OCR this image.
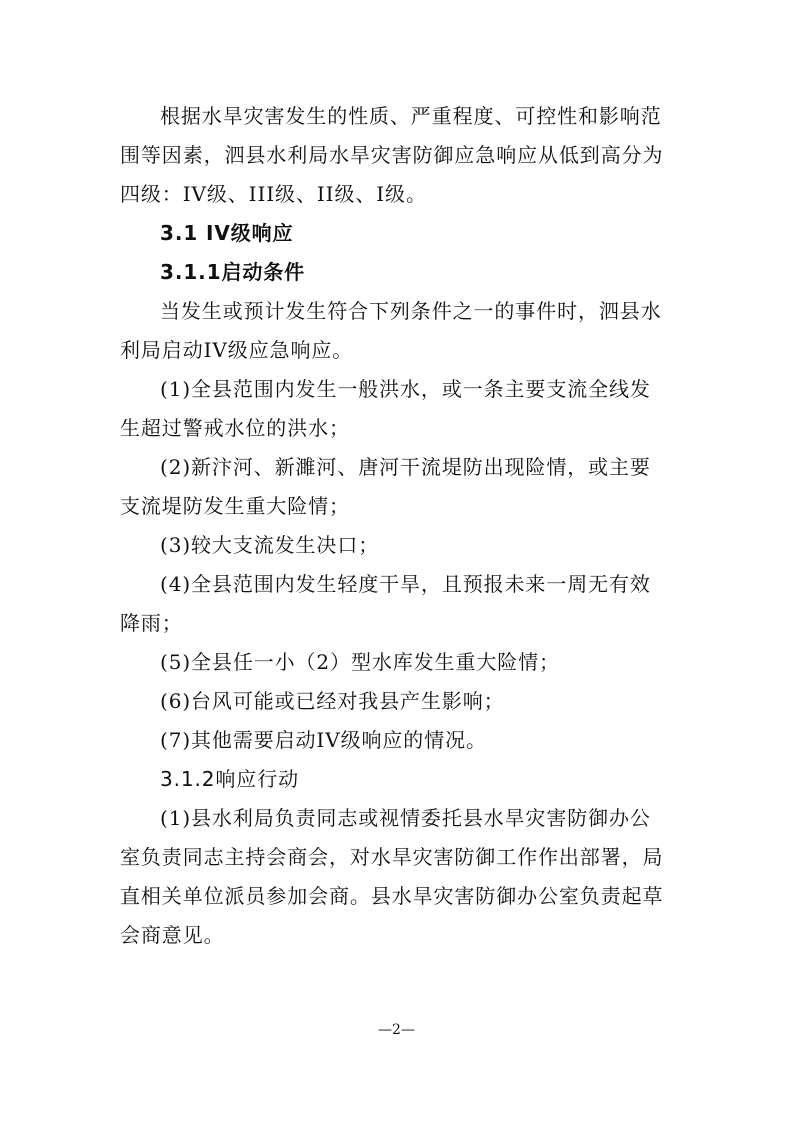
根据水旱灾害发生的性质、严重程度、可控性和影响范
围等因素，泗县水利局水旱灾害防御应急响应从低到高分为
四级：IV级、III级、II级、I级。

3.1 IV级响应

3.1.1启动条件

当发生或预计发生符合下列条件之一的事件时，泗县水
利局启动IV级应急响应。

(1)全县范围内发生一般洪水，或一条主要支流全线发
生超过警戒水位的洪水；

(2)新汴河、新濉河、唐河干流堤防出现险情，或主要
支流堤防发生重大险情；

(3)较大支流发生决口；

(4)全县范围内发生轻度干旱，且预报未来一周无有效
降雨；

(5)全县任一小（2）型水库发生重大险情；

(6)台风可能或已经对我县产生影响；

(7)其他需要启动IV级响应的情况。

3.1.2响应行动

(1)县水利局负责同志或视情委托县水旱灾害防御办公
室负责同志主持会商会，对水旱灾害防御工作作出部署，局
直相关单位派员参加会商。县水旱灾害防御办公室负责起草
会商意见。

—2—
